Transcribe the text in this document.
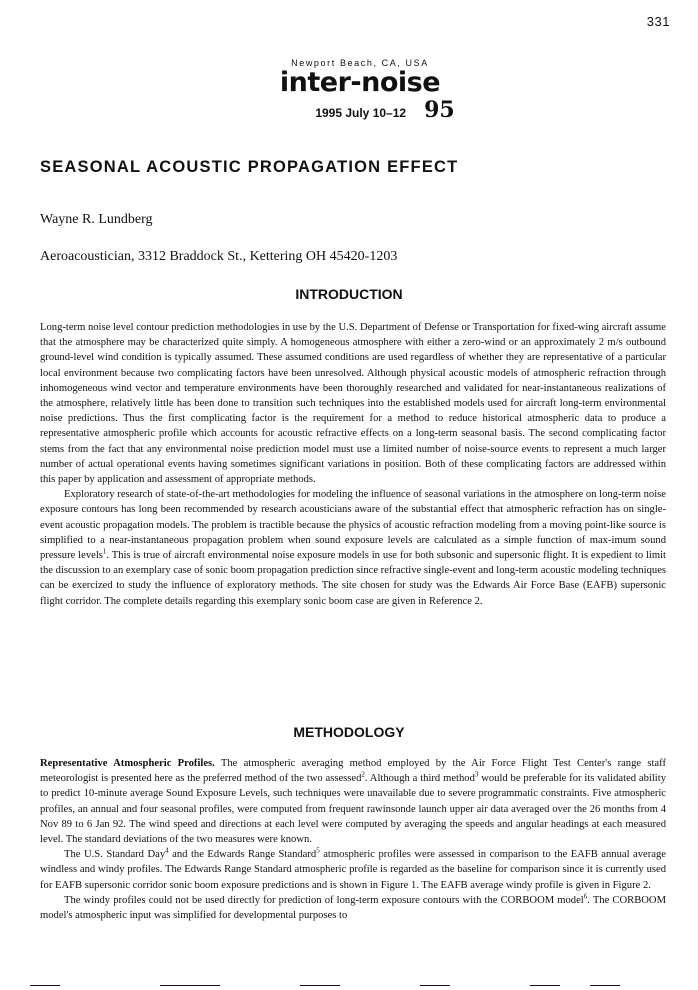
331
Newport Beach, CA, USA
inter-noise
1995 July 10–12 95
SEASONAL ACOUSTIC PROPAGATION EFFECT

Wayne R. Lundberg

Aeroacoustician, 3312 Braddock St., Kettering OH 45420-1203

INTRODUCTION

Long-term noise level contour prediction methodologies in use by the U.S. Department of Defense or Transportation for fixed-wing aircraft assume that the atmosphere may be characterized quite simply. A homogeneous atmosphere with either a zero-wind or an approximately 2 m/s outbound ground-level wind condition is typically assumed. These assumed conditions are used regardless of whether they are representative of a particular local environment because two complicating factors have been unresolved. Although physical acoustic models of atmospheric refraction through inhomogeneous wind vector and temperature environments have been thoroughly researched and validated for near-instantaneous realizations of the atmosphere, relatively little has been done to transition such techniques into the established models used for aircraft long-term environmental noise predictions. Thus the first complicating factor is the requirement for a method to reduce historical atmospheric data to produce a representative atmospheric profile which accounts for acoustic refractive effects on a long-term seasonal basis. The second complicating factor stems from the fact that any environmental noise prediction model must use a limited number of noise-source events to represent a much larger number of actual operational events having sometimes significant variations in position. Both of these complicating factors are addressed within this paper by application and assessment of appropriate methods.

Exploratory research of state-of-the-art methodologies for modeling the influence of seasonal variations in the atmosphere on long-term noise exposure contours has long been recommended by research acousticians aware of the substantial effect that atmospheric refraction has on single-event acoustic propagation models. The problem is tractible because the physics of acoustic refraction modeling from a moving point-like source is simplified to a near-instantaneous propagation problem when sound exposure levels are calculated as a simple function of max-imum sound pressure levels$^1$. This is true of aircraft environmental noise exposure models in use for both subsonic and supersonic flight. It is expedient to limit the discussion to an exemplary case of sonic boom propagation prediction since refractive single-event and long-term acoustic modeling techniques can be exercized to study the influence of exploratory methods. The site chosen for study was the Edwards Air Force Base (EAFB) supersonic flight corridor. The complete details regarding this exemplary sonic boom case are given in Reference 2.

METHODOLOGY

Representative Atmospheric Profiles. The atmospheric averaging method employed by the Air Force Flight Test Center's range staff meteorologist is presented here as the preferred method of the two assessed$^2$. Although a third method$^3$ would be preferable for its validated ability to predict 10-minute average Sound Exposure Levels, such techniques were unavailable due to severe programmatic constraints. Five atmospheric profiles, an annual and four seasonal profiles, were computed from frequent rawinsonde launch upper air data averaged over the 26 months from 4 Nov 89 to 6 Jan 92. The wind speed and directions at each level were computed by averaging the speeds and angular headings at each measured level. The standard deviations of the two measures were known.

The U.S. Standard Day$^4$ and the Edwards Range Standard$^5$ atmospheric profiles were assessed in comparison to the EAFB annual average windless and windy profiles. The Edwards Range Standard atmospheric profile is regarded as the baseline for comparison since it is currently used for EAFB supersonic corridor sonic boom exposure predictions and is shown in Figure 1. The EAFB average windy profile is given in Figure 2.

The windy profiles could not be used directly for prediction of long-term exposure contours with the CORBOOM model$^6$. The CORBOOM model's atmospheric input was simplified for developmental purposes to
